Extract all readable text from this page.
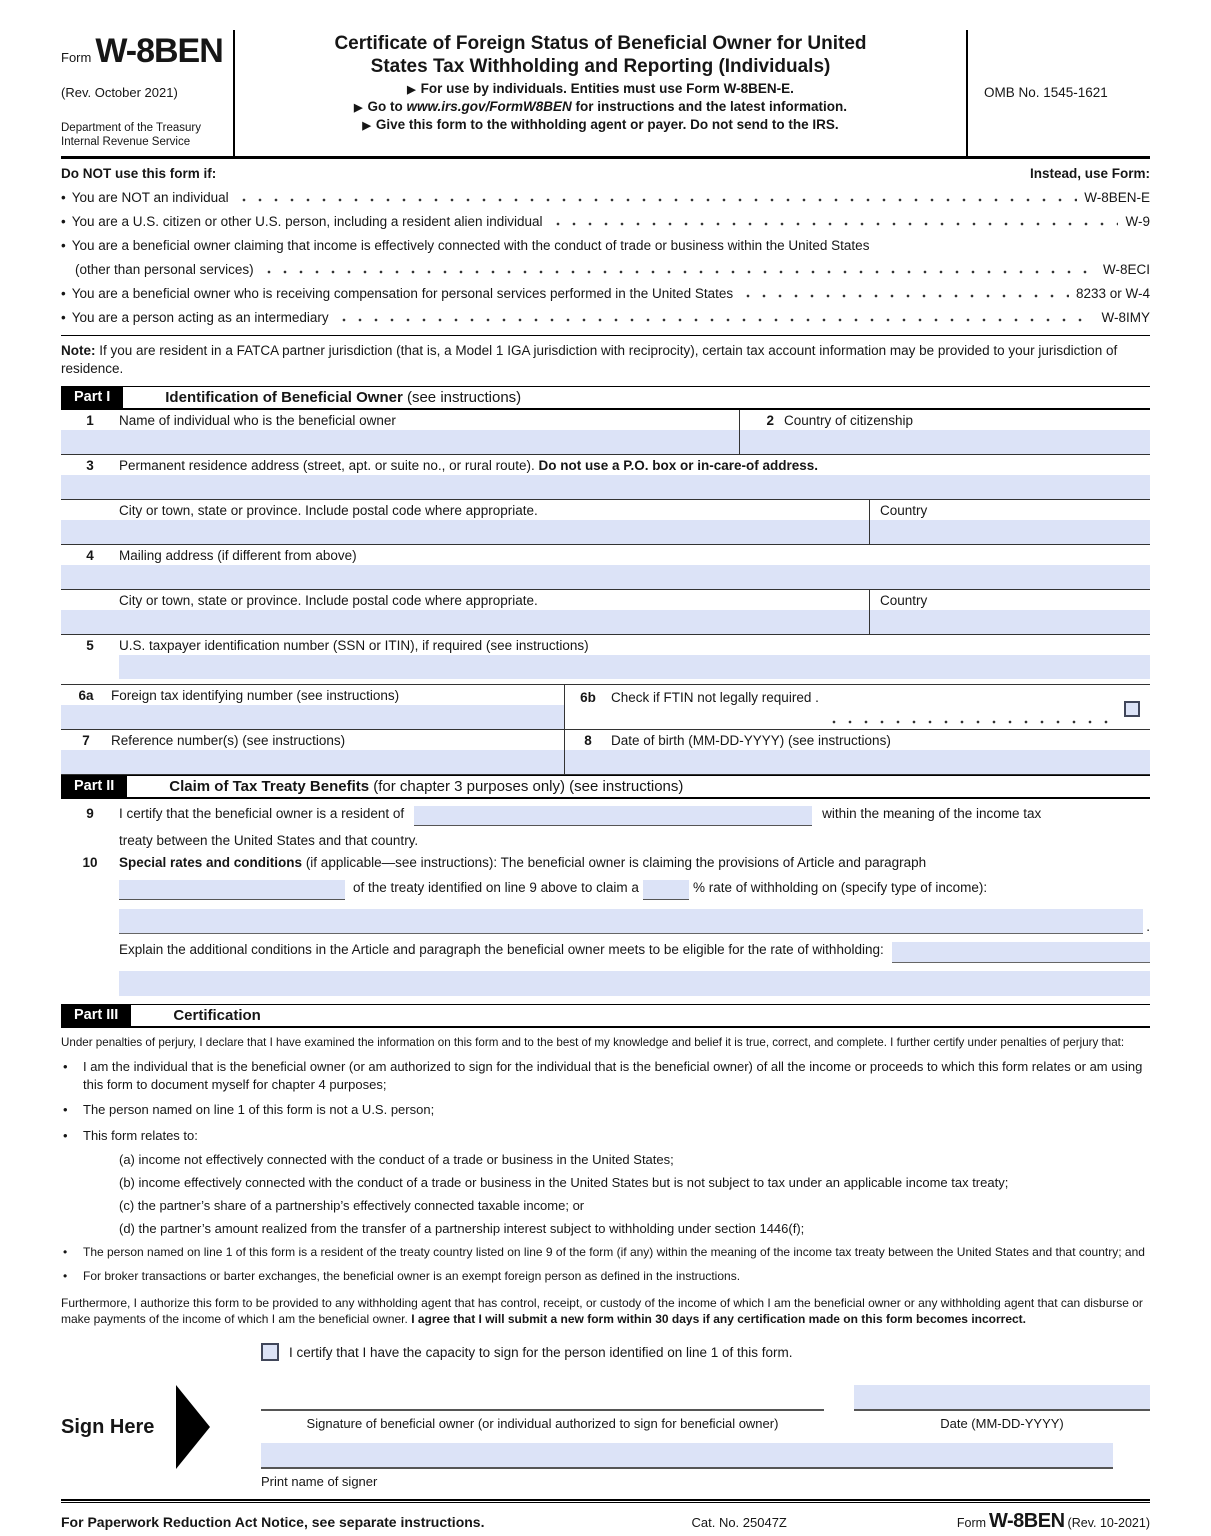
Form W-8BEN
(Rev. October 2021)
Department of the Treasury
Internal Revenue Service
Certificate of Foreign Status of Beneficial Owner for United
States Tax Withholding and Reporting (Individuals)
▶ For use by individuals. Entities must use Form W-8BEN-E.
▶ Go to www.irs.gov/FormW8BEN for instructions and the latest information.
▶ Give this form to the withholding agent or payer. Do not send to the IRS.
OMB No. 1545-1621
Do NOT use this form if:	Instead, use Form:
• You are NOT an individual	W-8BEN-E
• You are a U.S. citizen or other U.S. person, including a resident alien individual	W-9
• You are a beneficial owner claiming that income is effectively connected with the conduct of trade or business within the United States
(other than personal services)	W-8ECI
• You are a beneficial owner who is receiving compensation for personal services performed in the United States	8233 or W-4
• You are a person acting as an intermediary	W-8IMY
Note: If you are resident in a FATCA partner jurisdiction (that is, a Model 1 IGA jurisdiction with reciprocity), certain tax account information may be provided to your jurisdiction of residence.
Part I	Identification of Beneficial Owner (see instructions)
1	Name of individual who is the beneficial owner	2 Country of citizenship
3	Permanent residence address (street, apt. or suite no., or rural route). Do not use a P.O. box or in-care-of address.
City or town, state or province. Include postal code where appropriate.	Country
4	Mailing address (if different from above)
City or town, state or province. Include postal code where appropriate.	Country
5	U.S. taxpayer identification number (SSN or ITIN), if required (see instructions)
6a	Foreign tax identifying number (see instructions)	6b	Check if FTIN not legally required .
7	Reference number(s) (see instructions)	8	Date of birth (MM-DD-YYYY) (see instructions)
Part II	Claim of Tax Treaty Benefits (for chapter 3 purposes only) (see instructions)
9	I certify that the beneficial owner is a resident of	within the meaning of the income tax
treaty between the United States and that country.
10	Special rates and conditions (if applicable—see instructions): The beneficial owner is claiming the provisions of Article and paragraph
of the treaty identified on line 9 above to claim a	% rate of withholding on (specify type of income):
.
Explain the additional conditions in the Article and paragraph the beneficial owner meets to be eligible for the rate of withholding:
Part III	Certification
Under penalties of perjury, I declare that I have examined the information on this form and to the best of my knowledge and belief it is true, correct, and complete. I further certify under penalties of perjury that:
•
I am the individual that is the beneficial owner (or am authorized to sign for the individual that is the beneficial owner) of all the income or proceeds to which this form relates or am using this form to document myself for chapter 4 purposes;
•
The person named on line 1 of this form is not a U.S. person;
•
This form relates to:
(a) income not effectively connected with the conduct of a trade or business in the United States;
(b) income effectively connected with the conduct of a trade or business in the United States but is not subject to tax under an applicable income tax treaty;
(c) the partner’s share of a partnership’s effectively connected taxable income; or
(d) the partner’s amount realized from the transfer of a partnership interest subject to withholding under section 1446(f);
•
The person named on line 1 of this form is a resident of the treaty country listed on line 9 of the form (if any) within the meaning of the income tax treaty between the United States and that country; and
•
For broker transactions or barter exchanges, the beneficial owner is an exempt foreign person as defined in the instructions.
Furthermore, I authorize this form to be provided to any withholding agent that has control, receipt, or custody of the income of which I am the beneficial owner or any withholding agent that can disburse or make payments of the income of which I am the beneficial owner. I agree that I will submit a new form within 30 days if any certification made on this form becomes incorrect.
Sign Here
I certify that I have the capacity to sign for the person identified on line 1 of this form.
Signature of beneficial owner (or individual authorized to sign for beneficial owner)	Date (MM-DD-YYYY)
Print name of signer
For Paperwork Reduction Act Notice, see separate instructions.	Cat. No. 25047Z	Form W-8BEN (Rev. 10-2021)
